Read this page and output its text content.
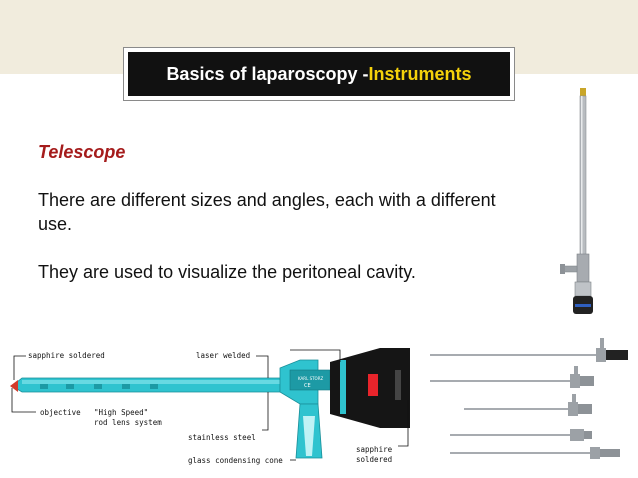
Basics of laparoscopy - Instruments
Telescope
There are different sizes and angles, each with a different use.
They are used to visualize the peritoneal cavity.
KARL STORZ
CE
sapphire soldered	laser welded
objective "High Speed"
rod lens system
stainless steel
glass condensing cone
sapphire
soldered
